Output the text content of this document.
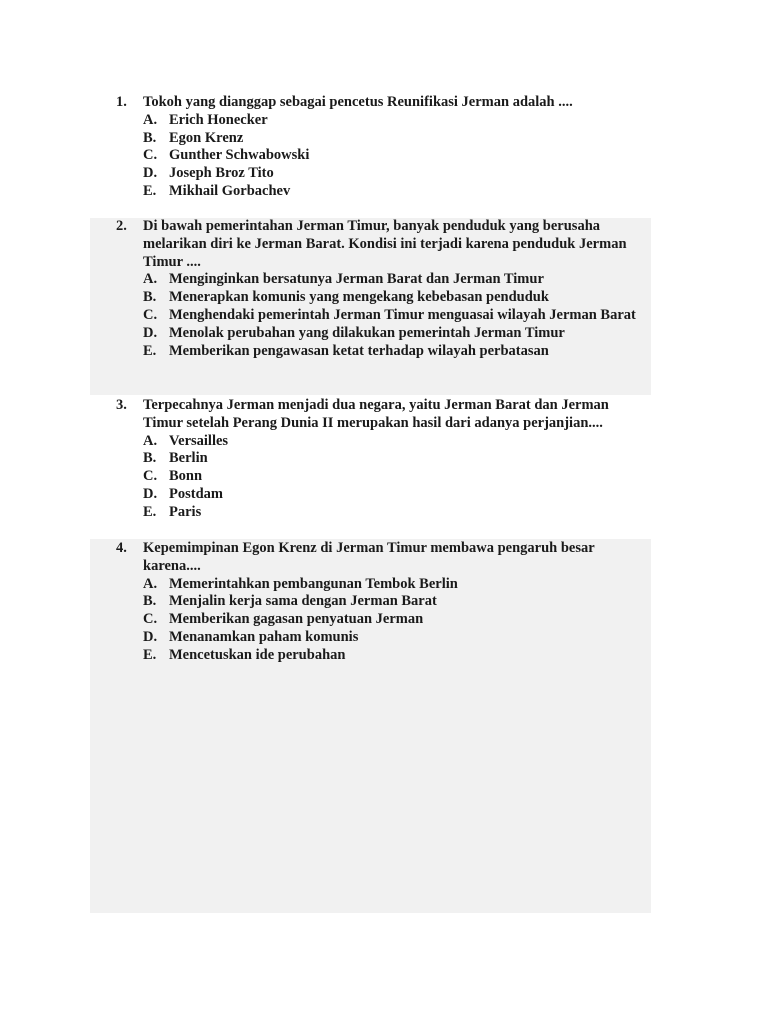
1.	Tokoh yang dianggap sebagai pencetus Reunifikasi Jerman adalah ....
A. Erich Honecker
B. Egon Krenz
C. Gunther Schwabowski
D. Joseph Broz Tito
E. Mikhail Gorbachev
2.	Di bawah pemerintahan Jerman Timur, banyak penduduk yang berusaha melarikan diri ke Jerman Barat. Kondisi ini terjadi karena penduduk Jerman Timur ....
A. Menginginkan bersatunya Jerman Barat dan Jerman Timur
B. Menerapkan komunis yang mengekang kebebasan penduduk
C. Menghendaki pemerintah Jerman Timur menguasai wilayah Jerman Barat
D. Menolak perubahan yang dilakukan pemerintah Jerman Timur
E. Memberikan pengawasan ketat terhadap wilayah perbatasan
3.	Terpecahnya Jerman menjadi dua negara, yaitu Jerman Barat dan Jerman Timur setelah Perang Dunia II merupakan hasil dari adanya perjanjian....
A. Versailles
B. Berlin
C. Bonn
D. Postdam
E. Paris
4.	Kepemimpinan Egon Krenz di Jerman Timur membawa pengaruh besar karena....
A. Memerintahkan pembangunan Tembok Berlin
B. Menjalin kerja sama dengan Jerman Barat
C. Memberikan gagasan penyatuan Jerman
D. Menanamkan paham komunis
E. Mencetuskan ide perubahan
